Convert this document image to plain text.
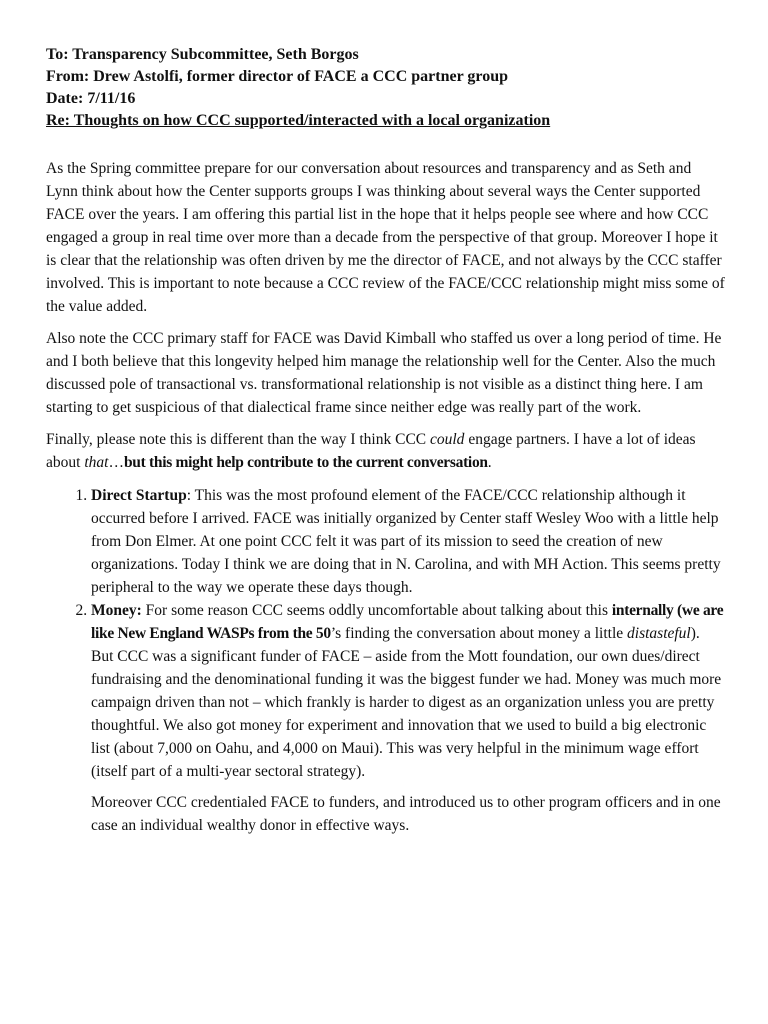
To: Transparency Subcommittee, Seth Borgos

From: Drew Astolfi, former director of FACE a CCC partner group

Date: 7/11/16

Re: Thoughts on how CCC supported/interacted with a local organization

As the Spring committee prepare for our conversation about resources and transparency and as Seth and Lynn think about how the Center supports groups I was thinking about several ways the Center supported FACE over the years. I am offering this partial list in the hope that it helps people see where and how CCC engaged a group in real time over more than a decade from the perspective of that group. Moreover I hope it is clear that the relationship was often driven by me the director of FACE, and not always by the CCC staffer involved. This is important to note because a CCC review of the FACE/CCC relationship might miss some of the value added.

Also note the CCC primary staff for FACE was David Kimball who staffed us over a long period of time. He and I both believe that this longevity helped him manage the relationship well for the Center. Also the much discussed pole of transactional vs. transformational relationship is not visible as a distinct thing here. I am starting to get suspicious of that dialectical frame since neither edge was really part of the work.

Finally, please note this is different than the way I think CCC could engage partners. I have a lot of ideas about that…but this might help contribute to the current conversation.

1. Direct Startup: This was the most profound element of the FACE/CCC relationship although it occurred before I arrived. FACE was initially organized by Center staff Wesley Woo with a little help from Don Elmer. At one point CCC felt it was part of its mission to seed the creation of new organizations. Today I think we are doing that in N. Carolina, and with MH Action. This seems pretty peripheral to the way we operate these days though.
2. Money: For some reason CCC seems oddly uncomfortable about talking about this internally (we are like New England WASPs from the 50’s finding the conversation about money a little distasteful). But CCC was a significant funder of FACE – aside from the Mott foundation, our own dues/direct fundraising and the denominational funding it was the biggest funder we had. Money was much more campaign driven than not – which frankly is harder to digest as an organization unless you are pretty thoughtful. We also got money for experiment and innovation that we used to build a big electronic list (about 7,000 on Oahu, and 4,000 on Maui). This was very helpful in the minimum wage effort (itself part of a multi-year sectoral strategy).

Moreover CCC credentialed FACE to funders, and introduced us to other program officers and in one case an individual wealthy donor in effective ways.
